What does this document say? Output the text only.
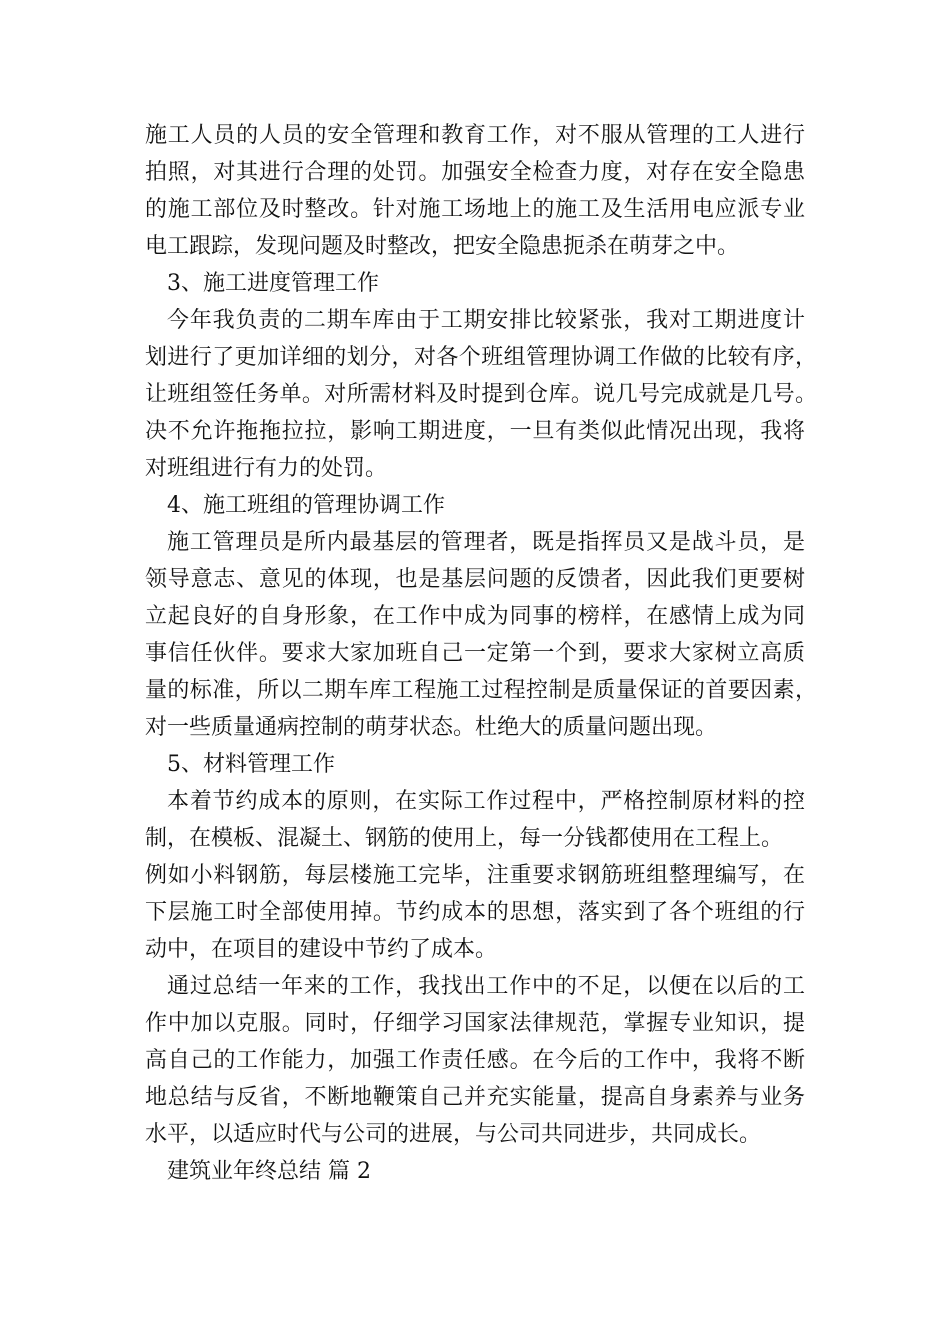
施工人员的人员的安全管理和教育工作，对不服从管理的工人进行
拍照，对其进行合理的处罚。加强安全检查力度，对存在安全隐患
的施工部位及时整改。针对施工场地上的施工及生活用电应派专业
电工跟踪，发现问题及时整改，把安全隐患扼杀在萌芽之中。
3、施工进度管理工作
今年我负责的二期车库由于工期安排比较紧张，我对工期进度计
划进行了更加详细的划分，对各个班组管理协调工作做的比较有序，
让班组签任务单。对所需材料及时提到仓库。说几号完成就是几号。
决不允许拖拖拉拉，影响工期进度，一旦有类似此情况出现，我将
对班组进行有力的处罚。
4、施工班组的管理协调工作
施工管理员是所内最基层的管理者，既是指挥员又是战斗员，是
领导意志、意见的体现，也是基层问题的反馈者，因此我们更要树
立起良好的自身形象，在工作中成为同事的榜样，在感情上成为同
事信任伙伴。要求大家加班自己一定第一个到，要求大家树立高质
量的标准，所以二期车库工程施工过程控制是质量保证的首要因素，
对一些质量通病控制的萌芽状态。杜绝大的质量问题出现。
5、材料管理工作
本着节约成本的原则，在实际工作过程中，严格控制原材料的控
制，在模板、混凝土、钢筋的使用上，每一分钱都使用在工程上。
例如小料钢筋，每层楼施工完毕，注重要求钢筋班组整理编写，在
下层施工时全部使用掉。节约成本的思想，落实到了各个班组的行
动中，在项目的建设中节约了成本。
通过总结一年来的工作，我找出工作中的不足，以便在以后的工
作中加以克服。同时，仔细学习国家法律规范，掌握专业知识，提
高自己的工作能力，加强工作责任感。在今后的工作中，我将不断
地总结与反省，不断地鞭策自己并充实能量，提高自身素养与业务
水平，以适应时代与公司的进展，与公司共同进步，共同成长。
建筑业年终总结 篇 2
